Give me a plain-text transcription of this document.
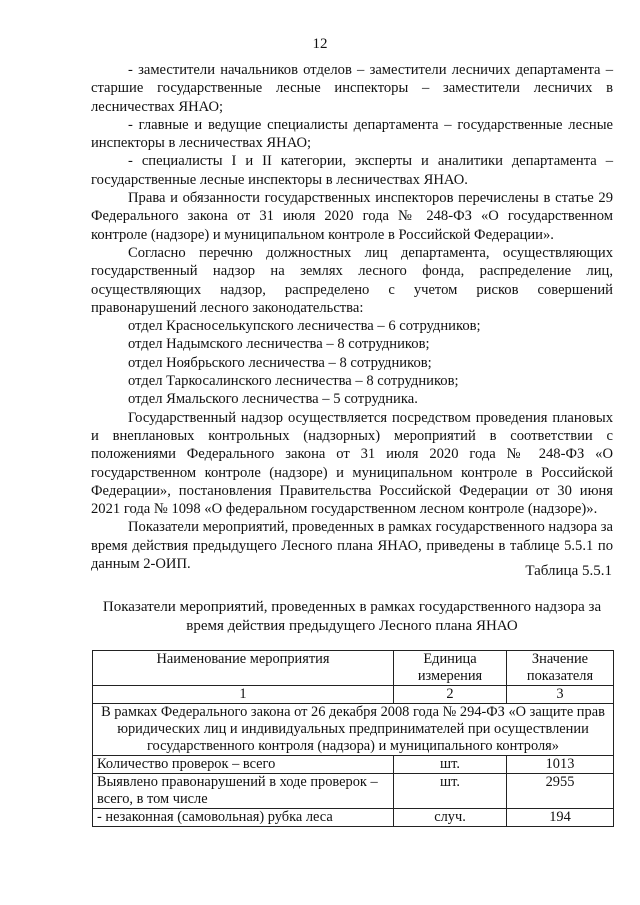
12

- заместители начальников отделов – заместители лесничих департамента – старшие государственные лесные инспекторы – заместители лесничих в лесничествах ЯНАО;

- главные и ведущие специалисты департамента – государственные лесные инспекторы в лесничествах ЯНАО;

- специалисты I и II категории, эксперты и аналитики департамента – государственные лесные инспекторы в лесничествах ЯНАО.

Права и обязанности государственных инспекторов перечислены в статье 29 Федерального закона от 31 июля 2020 года № 248-ФЗ «О государственном контроле (надзоре) и муниципальном контроле в Российской Федерации».

Согласно перечню должностных лиц департамента, осуществляющих государственный надзор на землях лесного фонда, распределение лиц, осуществляющих надзор, распределено с учетом рисков совершений правонарушений лесного законодательства:

отдел Красноселькупского лесничества – 6 сотрудников;

отдел Надымского лесничества – 8 сотрудников;

отдел Ноябрьского лесничества – 8 сотрудников;

отдел Таркосалинского лесничества – 8 сотрудников;

отдел Ямальского лесничества – 5 сотрудника.

Государственный надзор осуществляется посредством проведения плановых и внеплановых контрольных (надзорных) мероприятий в соответствии с положениями Федерального закона от 31 июля 2020 года № 248-ФЗ «О государственном контроле (надзоре) и муниципальном контроле в Российской Федерации», постановления Правительства Российской Федерации от 30 июня 2021 года № 1098 «О федеральном государственном лесном контроле (надзоре)».

Показатели мероприятий, проведенных в рамках государственного надзора за время действия предыдущего Лесного плана ЯНАО, приведены в таблице 5.5.1 по данным 2-ОИП.	Таблица 5.5.1
Показатели мероприятий, проведенных в рамках государственного надзора за время действия предыдущего Лесного плана ЯНАО
Наименование мероприятия	Единица измерения	Значение показателя
1	2	3
В рамках Федерального закона от 26 декабря 2008 года № 294-ФЗ «О защите прав юридических лиц и индивидуальных предпринимателей при осуществлении государственного контроля (надзора) и муниципального контроля»		
Количество проверок – всего	шт.	1013
Выявлено правонарушений в ходе проверок – всего, в том числе	шт.	2955
- незаконная (самовольная) рубка леса	случ.	194
